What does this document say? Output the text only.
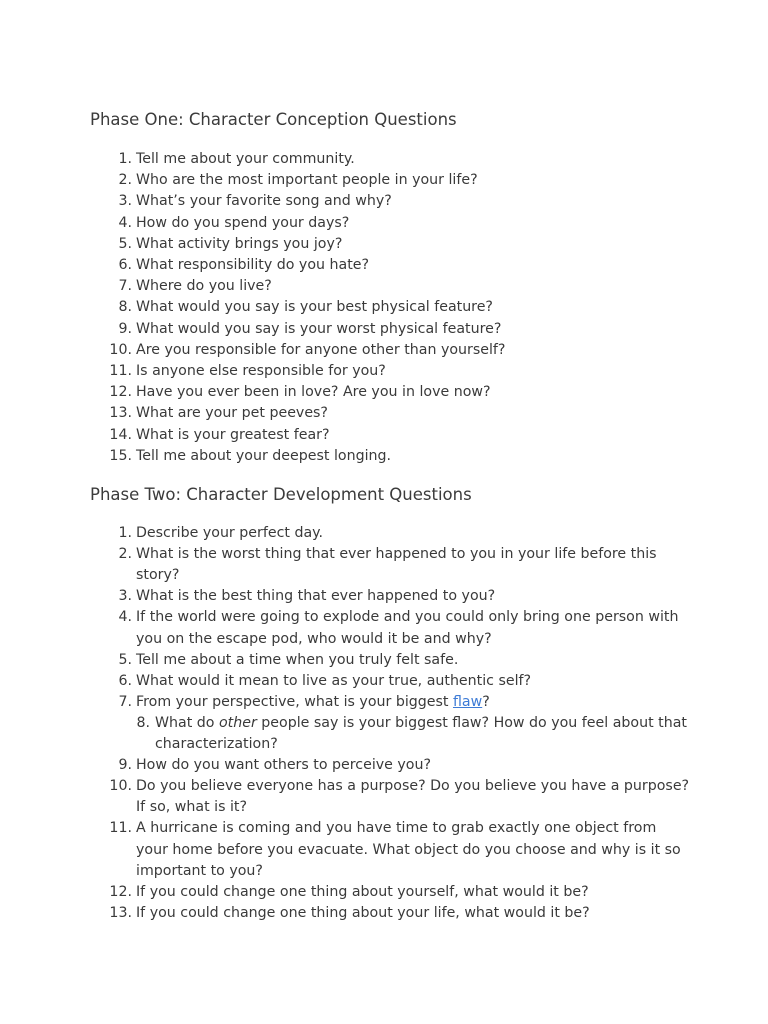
Phase One: Character Conception Questions
1. Tell me about your community.
2. Who are the most important people in your life?
3. What’s your favorite song and why?
4. How do you spend your days?
5. What activity brings you joy?
6. What responsibility do you hate?
7. Where do you live?
8. What would you say is your best physical feature?
9. What would you say is your worst physical feature?
10. Are you responsible for anyone other than yourself?
11. Is anyone else responsible for you?
12. Have you ever been in love? Are you in love now?
13. What are your pet peeves?
14. What is your greatest fear?
15. Tell me about your deepest longing.
Phase Two: Character Development Questions
1. Describe your perfect day.
story?
2. What is the worst thing that ever happened to you in your life before this
3. What is the best thing that ever happened to you?
you on the escape pod, who would it be and why?
4. If the world were going to explode and you could only bring one person with
5. Tell me about a time when you truly felt safe.
6. What would it mean to live as your true, authentic self?
7. From your perspective, what is your biggest flaw?
8. What do other people say is your biggest flaw? How do you feel about that
characterization?
9. How do you want others to perceive you?
If so, what is it?
10. Do you believe everyone has a purpose? Do you believe you have a purpose?
your home before you evacuate. What object do you choose and why is it so
important to you?
11. A hurricane is coming and you have time to grab exactly one object from
12. If you could change one thing about yourself, what would it be?
13. If you could change one thing about your life, what would it be?
